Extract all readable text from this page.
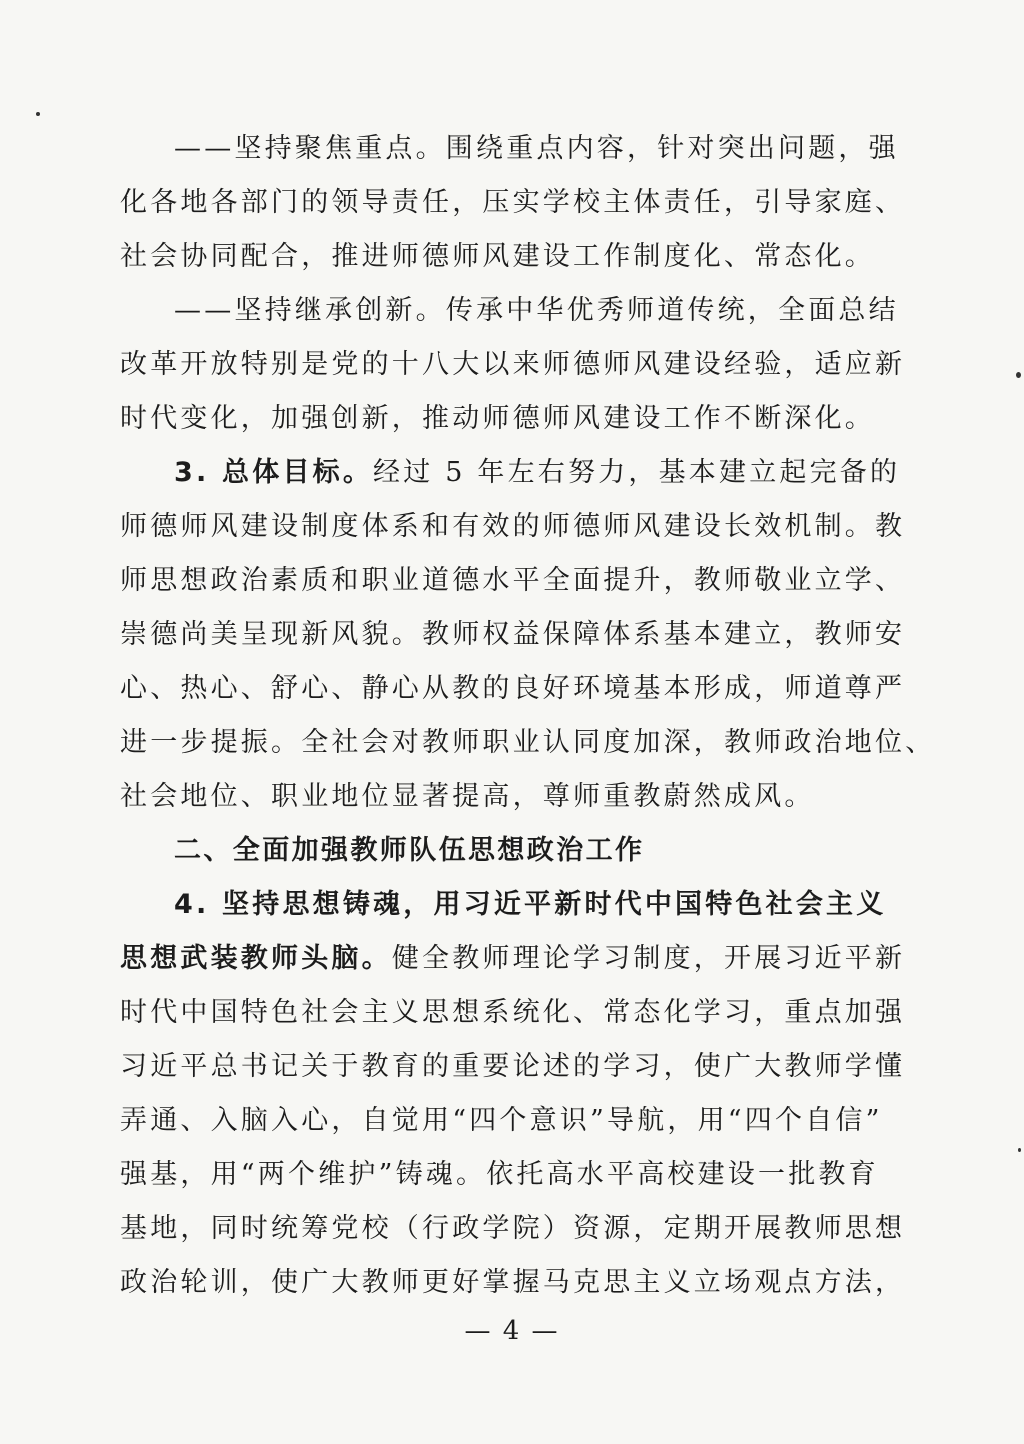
——坚持聚焦重点。围绕重点内容，针对突出问题，强
化各地各部门的领导责任，压实学校主体责任，引导家庭、
社会协同配合，推进师德师风建设工作制度化、常态化。
——坚持继承创新。传承中华优秀师道传统，全面总结
改革开放特别是党的十八大以来师德师风建设经验，适应新
时代变化，加强创新，推动师德师风建设工作不断深化。
3. 总体目标。经过 5 年左右努力，基本建立起完备的
师德师风建设制度体系和有效的师德师风建设长效机制。教
师思想政治素质和职业道德水平全面提升，教师敬业立学、
崇德尚美呈现新风貌。教师权益保障体系基本建立，教师安
心、热心、舒心、静心从教的良好环境基本形成，师道尊严
进一步提振。全社会对教师职业认同度加深，教师政治地位、
社会地位、职业地位显著提高，尊师重教蔚然成风。
二、全面加强教师队伍思想政治工作
4. 坚持思想铸魂，用习近平新时代中国特色社会主义
思想武装教师头脑。健全教师理论学习制度，开展习近平新
时代中国特色社会主义思想系统化、常态化学习，重点加强
习近平总书记关于教育的重要论述的学习，使广大教师学懂
弄通、入脑入心，自觉用“四个意识”导航，用“四个自信”
强基，用“两个维护”铸魂。依托高水平高校建设一批教育
基地，同时统筹党校（行政学院）资源，定期开展教师思想
政治轮训，使广大教师更好掌握马克思主义立场观点方法，
— 4 —
